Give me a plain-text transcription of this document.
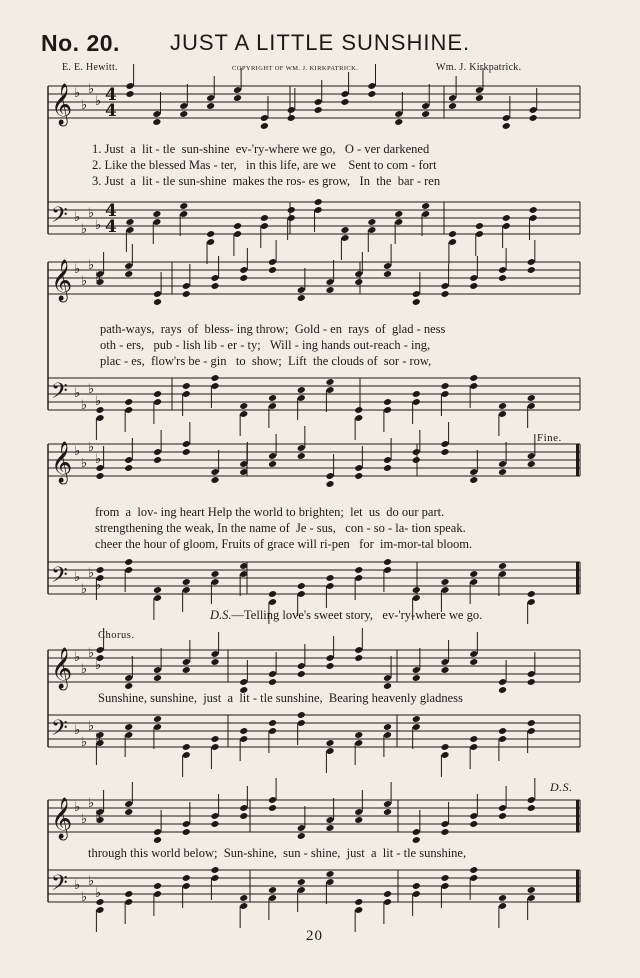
No. 20. JUST A LITTLE SUNSHINE.
E. E. Hewitt.	COPYRIGHT OF WM. J. KIRKPATRICK.	Wm. J. Kirkpatrick.
𝄞 ♭
♭
♭
♭
𝄢 ♭
♭
♭
♭
4
4
4
4
𝄞 ♭
♭
♭
♭
𝄢 ♭
♭
♭
♭
𝄞 ♭
♭
♭
♭
𝄢 ♭
♭
♭
♭
𝄞 ♭
♭
♭
♭
𝄢 ♭
♭
♭
♭
𝄞 ♭
♭
♭
♭
𝄢 ♭
♭
♭
♭
1. Just  a  lit - tle  sun-shine  ev-'ry-where we go,   O - ver darkened
2. Like the blessed Mas - ter,   in this life, are we    Sent to com - fort
3. Just  a  lit - tle sun-shine  makes the ros- es grow,   In  the  bar - ren
path-ways,  rays  of  bless- ing throw;  Gold - en  rays  of  glad - ness
oth - ers,   pub - lish lib - er - ty;   Will - ing hands out-reach - ing,
plac - es,  flow'rs be - gin   to  show;  Lift  the clouds of  sor - row,
Fine.
from  a  lov- ing heart Help the world to brighten;  let  us  do our part.
strengthening the weak, In the name of  Je - sus,   con - so - la- tion speak.
cheer the hour of gloom, Fruits of grace will ri-pen   for  im-mor-tal bloom.
D.S.—Telling love's sweet story,   ev-'ry-where we go.
Chorus.
Sunshine, sunshine,  just  a  lit - tle sunshine,  Bearing heavenly gladness
D.S.
through this world below;  Sun-shine,  sun - shine,  just  a  lit - tle sunshine,
20
